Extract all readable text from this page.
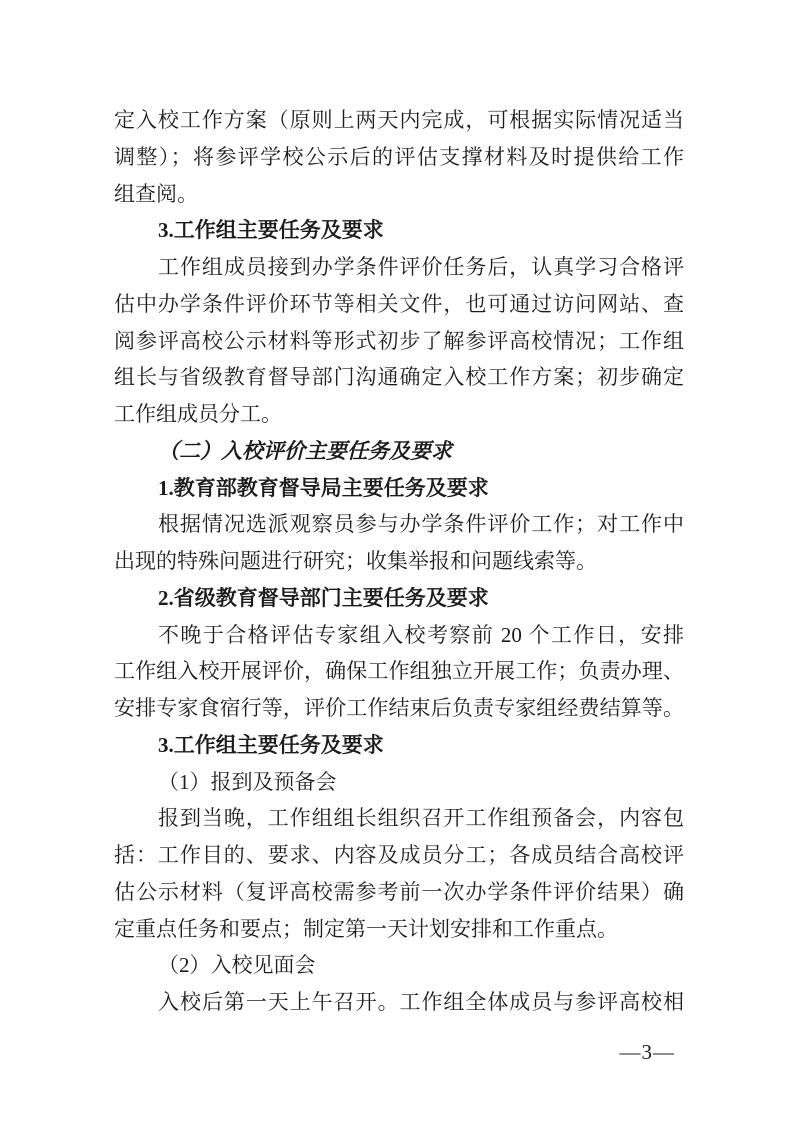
定入校工作方案（原则上两天内完成，可根据实际情况适当
调整）；将参评学校公示后的评估支撑材料及时提供给工作
组查阅。
3.工作组主要任务及要求
工作组成员接到办学条件评价任务后，认真学习合格评
估中办学条件评价环节等相关文件，也可通过访问网站、查
阅参评高校公示材料等形式初步了解参评高校情况；工作组
组长与省级教育督导部门沟通确定入校工作方案；初步确定
工作组成员分工。
（二）入校评价主要任务及要求
1.教育部教育督导局主要任务及要求
根据情况选派观察员参与办学条件评价工作；对工作中
出现的特殊问题进行研究；收集举报和问题线索等。
2.省级教育督导部门主要任务及要求
不晚于合格评估专家组入校考察前 20 个工作日，安排
工作组入校开展评价，确保工作组独立开展工作；负责办理、
安排专家食宿行等，评价工作结束后负责专家组经费结算等。
3.工作组主要任务及要求
（1）报到及预备会
报到当晚，工作组组长组织召开工作组预备会，内容包
括：工作目的、要求、内容及成员分工；各成员结合高校评
估公示材料（复评高校需参考前一次办学条件评价结果）确
定重点任务和要点；制定第一天计划安排和工作重点。
（2）入校见面会
入校后第一天上午召开。工作组全体成员与参评高校相
—3—
